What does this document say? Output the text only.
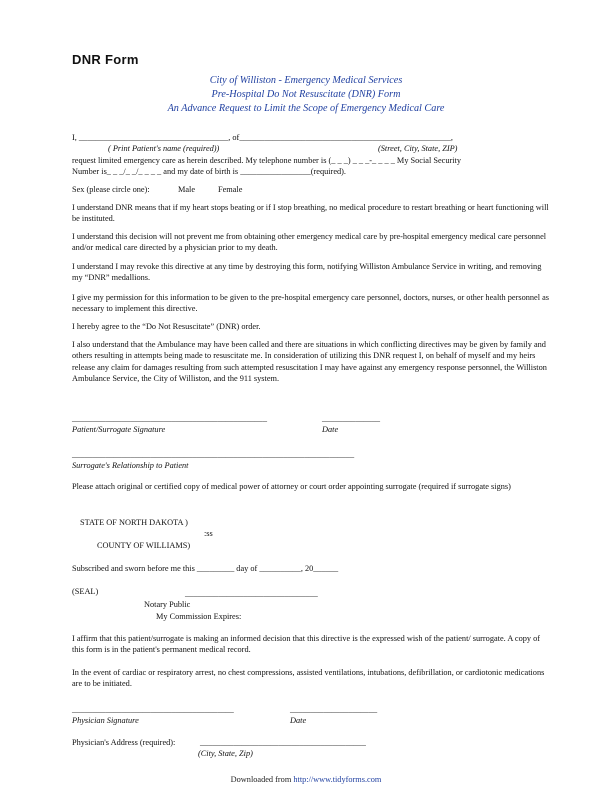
DNR Form
City of Williston - Emergency Medical Services
Pre-Hospital Do Not Resuscitate (DNR) Form
An Advance Request to Limit the Scope of Emergency Medical Care
I, ____________________________________, of___________________________________________________,
( Print Patient's name (required))	(Street, City, State, ZIP)
request limited emergency care as herein described. My telephone number is (_ _ _) _ _ _-_ _ _ _ My Social Security
Number is_ _ _/_ _/_ _ _ _ and my date of birth is _________________(required).
Sex (please circle one):	Male	Female

I understand DNR means that if my heart stops beating or if I stop breathing, no medical procedure to restart breathing or heart functioning will be instituted.

I understand this decision will not prevent me from obtaining other emergency medical care by pre-hospital emergency medical care personnel and/or medical care directed by a physician prior to my death.

I understand I may revoke this directive at any time by destroying this form, notifying Williston Ambulance Service in writing, and removing my “DNR” medallions.

I give my permission for this information to be given to the pre-hospital emergency care personnel, doctors, nurses, or other health personnel as necessary to implement this directive.

I hereby agree to the “Do Not Resuscitate” (DNR) order.

I also understand that the Ambulance may have been called and there are situations in which conflicting directives may be given by family and others resulting in attempts being made to resuscitate me. In consideration of utilizing this DNR request I, on behalf of myself and my heirs release any claim for damages resulting from such attempted resuscitation I may have against any emergency response personnel, the Williston Ambulance Service, the City of Williston, and the 911 system.

_______________________________________________	______________
Patient/Surrogate Signature	Date
____________________________________________________________________
Surrogate's Relationship to Patient

Please attach original or certified copy of medical power of attorney or court order appointing surrogate (required if surrogate signs)

STATE OF NORTH DAKOTA )
:ss
COUNTY OF WILLIAMS)
Subscribed and sworn before me this _________ day of __________, 20______
(SEAL)	________________________________
Notary Public
My Commission Expires:

I affirm that this patient/surrogate is making an informed decision that this directive is the expressed wish of the patient/ surrogate. A copy of this form is in the patient's permanent medical record.

In the event of cardiac or respiratory arrest, no chest compressions, assisted ventilations, intubations, defibrillation, or cardiotonic medications are to be initiated.

_______________________________________	_____________________
Physician Signature	Date
Physician's Address (required):	________________________________________
(City, State, Zip)
Downloaded from http://www.tidyforms.com
